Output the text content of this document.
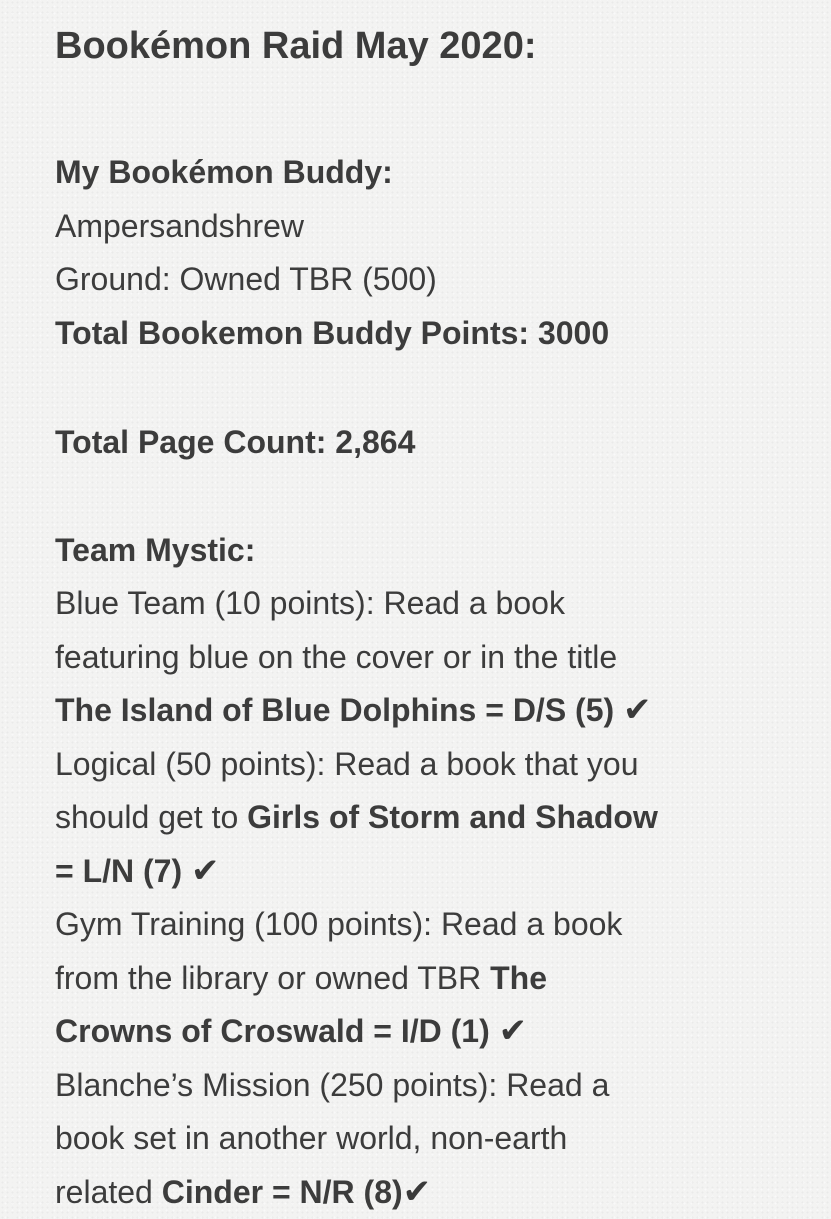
Bookémon Raid May 2020:
My Bookémon Buddy:
Ampersandshrew
Ground: Owned TBR (500)
Total Bookemon Buddy Points: 3000
Total Page Count: 2,864
Team Mystic:
Blue Team (10 points): Read a book
featuring blue on the cover or in the title
The Island of Blue Dolphins = D/S (5) ✔
Logical (50 points): Read a book that you
should get to Girls of Storm and Shadow
= L/N (7) ✔
Gym Training (100 points): Read a book
from the library or owned TBR The
Crowns of Croswald = I/D (1) ✔
Blanche’s Mission (250 points): Read a
book set in another world, non-earth
related Cinder = N/R (8)✔
